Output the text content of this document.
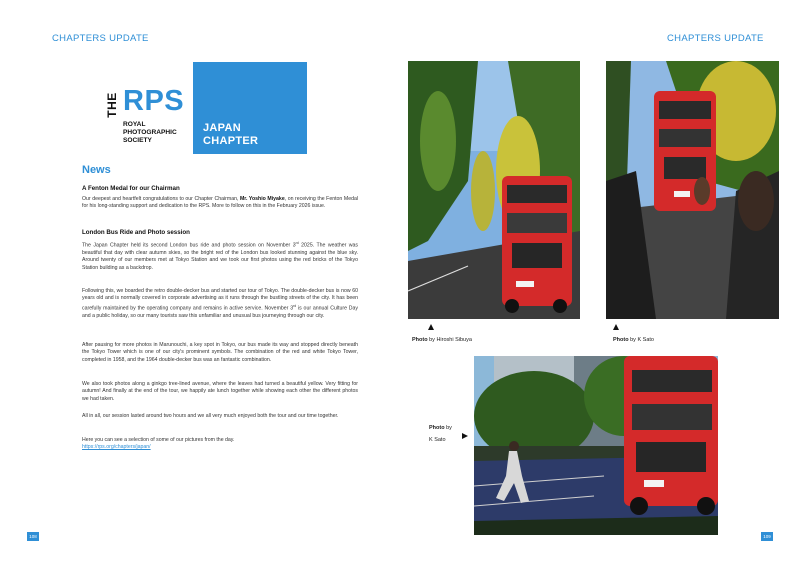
CHAPTERS UPDATE	CHAPTERS UPDATE
THE RPS
ROYAL
PHOTOGRAPHIC
SOCIETY
JAPAN
CHAPTER
News
A Fenton Medal for our Chairman
Our deepest and heartfelt congratulations to our Chapter Chairman, Mr. Yoshio Miyake, on receiving the Fenton Medal for his long-standing support and dedication to the RPS. More to follow on this in the February 2026 issue.
London Bus Ride and Photo session
The Japan Chapter held its second London bus ride and photo session on November 3rd 2025. The weather was beautiful that day with clear autumn skies, so the bright red of the London bus looked stunning against the blue sky. Around twenty of our members met at Tokyo Station and we took our first photos using the red bricks of the Tokyo Station building as a backdrop.
Following this, we boarded the retro double-decker bus and started our tour of Tokyo. The double-decker bus is now 60 years old and is normally covered in corporate advertising as it runs through the bustling streets of the city. It has been carefully maintained by the operating company and remains in active service. November 3rd is our annual Culture Day and a public holiday, so our many tourists saw this unfamiliar and unusual bus journeying through our city.
After pausing for more photos in Marunouchi, a key spot in Tokyo, our bus made its way and stopped directly beneath the Tokyo Tower which is one of our city's prominent symbols. The combination of the red and white Tokyo Tower, completed in 1958, and the 1964 double-decker bus was an fantastic combination.
We also took photos along a ginkgo tree-lined avenue, where the leaves had turned a beautiful yellow. Very fitting for autumn! And finally at the end of the tour, we happily ate lunch together while showing each other the different photos we had taken.
All in all, our session lasted around two hours and we all very much enjoyed both the tour and our time together.
Here you can see a selection of some of our pictures from the day.
https://rps.org/chapters/japan/
Photo by Hiroshi Sibuya	Photo by K Sato
Photo by
K Sato
108	109
